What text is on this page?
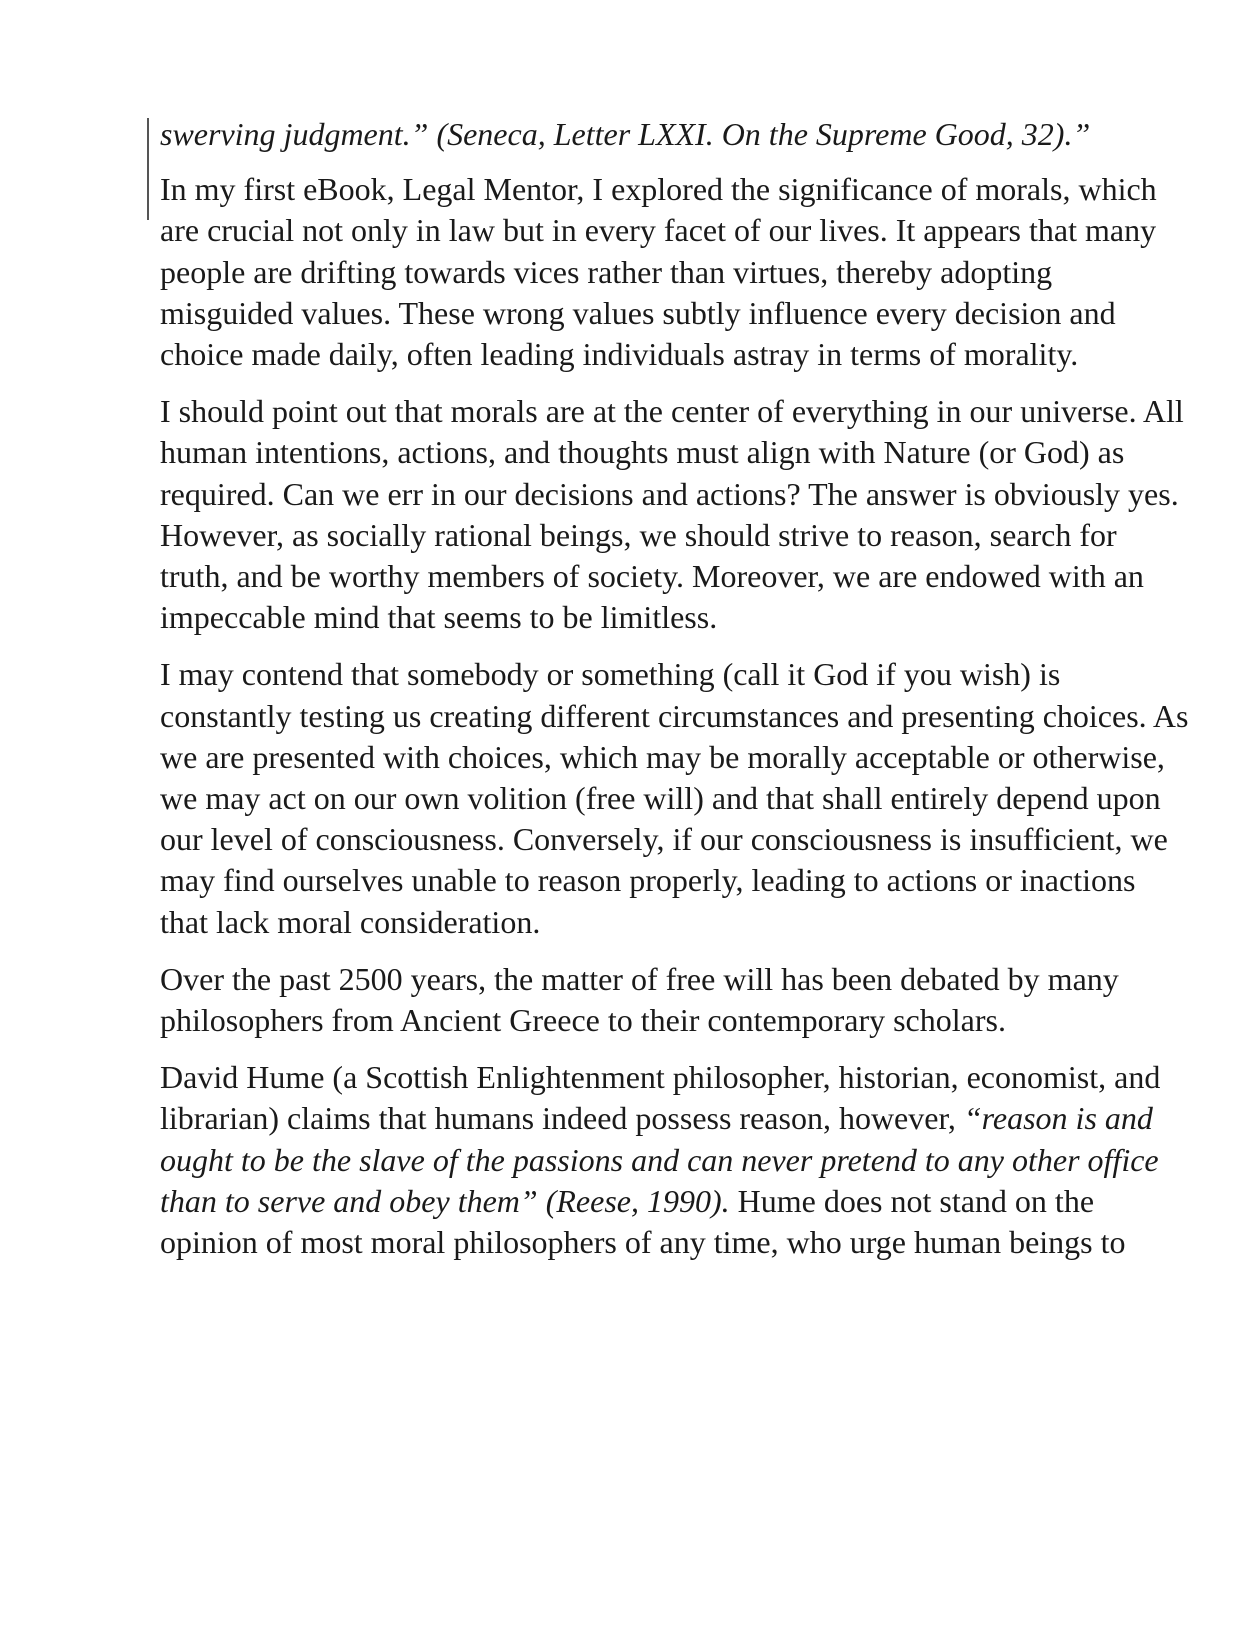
swerving judgment.” (Seneca, Letter LXXI. On the Supreme Good, 32).”

In my first eBook, Legal Mentor, I explored the significance of morals, which are crucial not only in law but in every facet of our lives. It appears that many people are drifting towards vices rather than virtues, thereby adopting misguided values. These wrong values subtly influence every decision and choice made daily, often leading individuals astray in terms of morality.

I should point out that morals are at the center of everything in our universe. All human intentions, actions, and thoughts must align with Nature (or God) as required. Can we err in our decisions and actions? The answer is obviously yes. However, as socially rational beings, we should strive to reason, search for truth, and be worthy members of society. Moreover, we are endowed with an impeccable mind that seems to be limitless.

I may contend that somebody or something (call it God if you wish) is constantly testing us creating different circumstances and presenting choices. As we are presented with choices, which may be morally acceptable or otherwise, we may act on our own volition (free will) and that shall entirely depend upon our level of consciousness. Conversely, if our consciousness is insufficient, we may find ourselves unable to reason properly, leading to actions or inactions that lack moral consideration.

Over the past 2500 years, the matter of free will has been debated by many philosophers from Ancient Greece to their contemporary scholars.

David Hume (a Scottish Enlightenment philosopher, historian, economist, and librarian) claims that humans indeed possess reason, however, “reason is and ought to be the slave of the passions and can never pretend to any other office than to serve and obey them” (Reese, 1990). Hume does not stand on the opinion of most moral philosophers of any time, who urge human beings to
